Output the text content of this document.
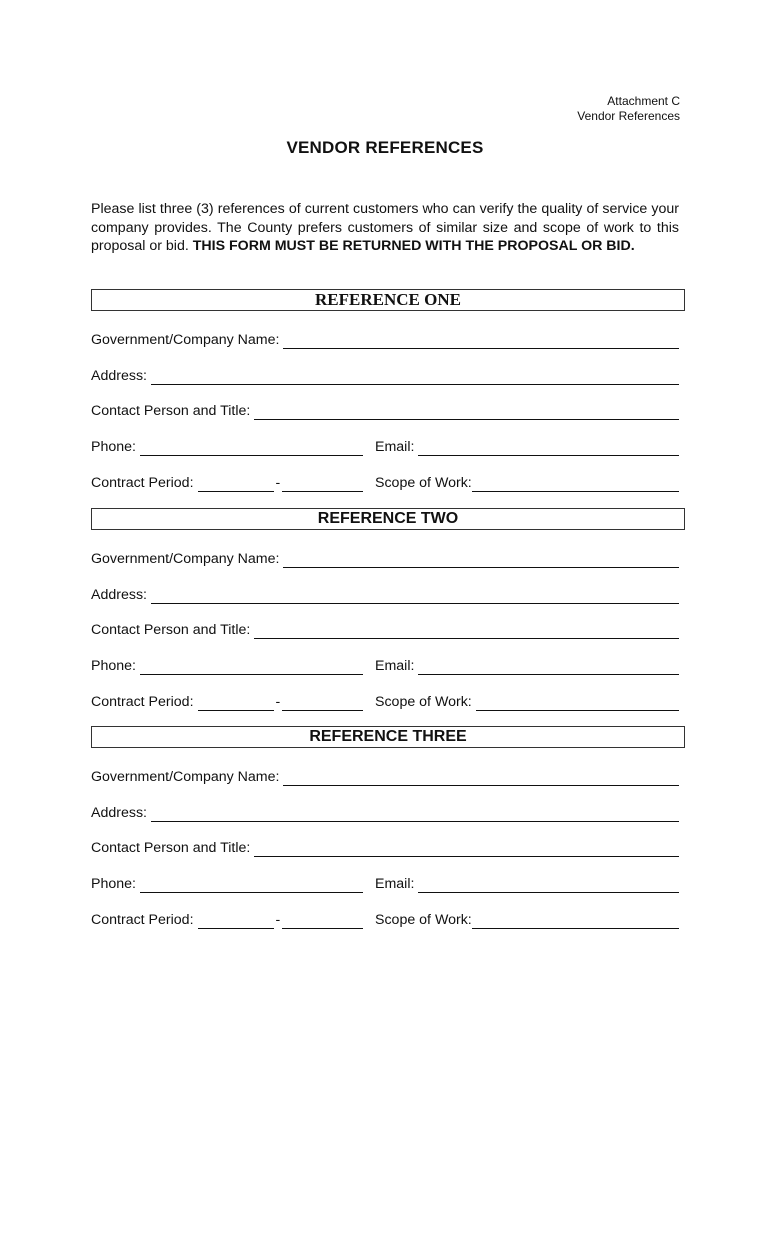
Attachment C
Vendor References
VENDOR REFERENCES
Please list three (3) references of current customers who can verify the quality of service your company provides. The County prefers customers of similar size and scope of work to this proposal or bid. THIS FORM MUST BE RETURNED WITH THE PROPOSAL OR BID.
REFERENCE ONE
Government/Company Name:
Address:
Contact Person and Title:
Phone:	Email:
Contract Period:	-	Scope of Work:
REFERENCE TWO
Government/Company Name:
Address:
Contact Person and Title:
Phone:	Email:
Contract Period:	-	Scope of Work:
REFERENCE THREE
Government/Company Name:
Address:
Contact Person and Title:
Phone:	Email:
Contract Period:	-	Scope of Work:
